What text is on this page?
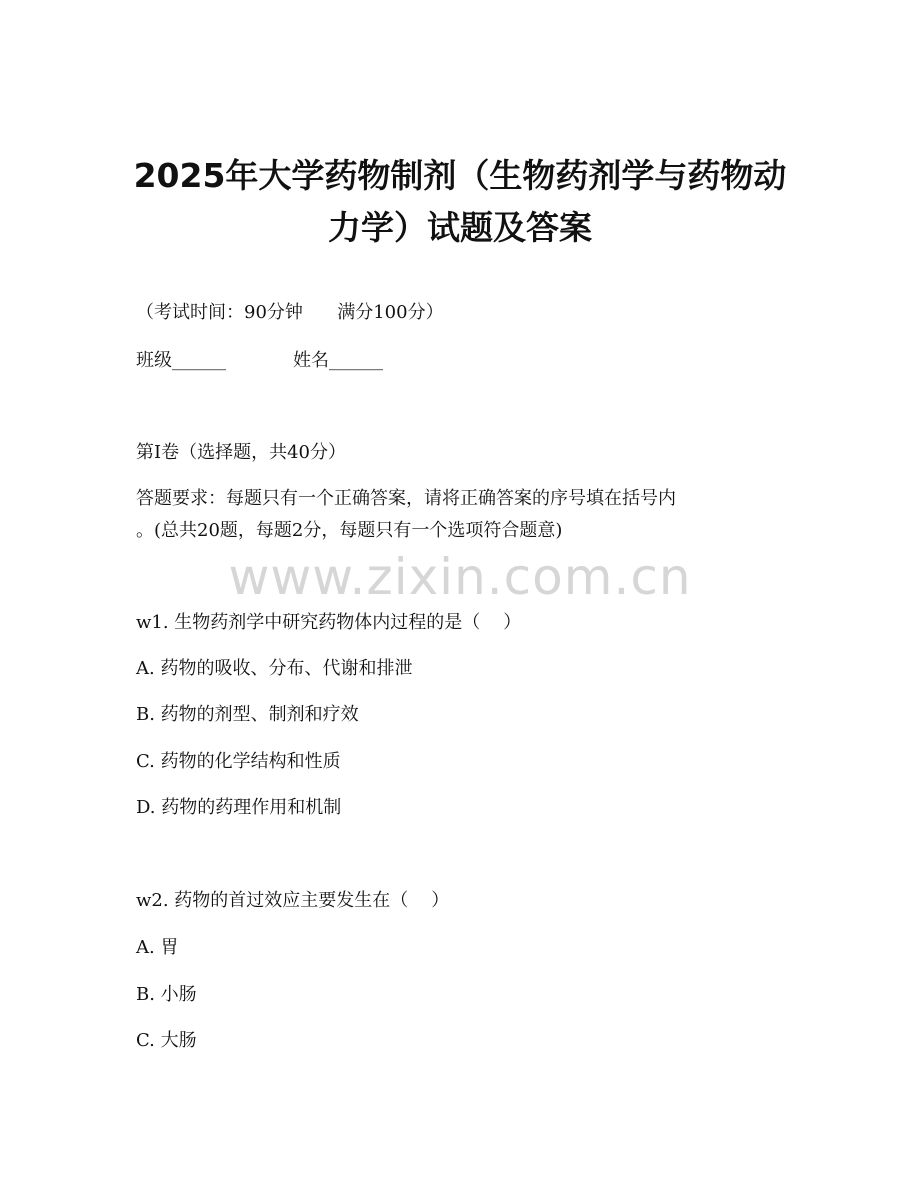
2025年大学药物制剂（生物药剂学与药物动
力学）试题及答案
（考试时间：90分钟      满分100分）
班级______	姓名______
第I卷（选择题，共40分）
答题要求：每题只有一个正确答案，请将正确答案的序号填在括号内
。(总共20题，每题2分，每题只有一个选项符合题意)
www.zixin.com.cn
w1. 生物药剂学中研究药物体内过程的是（    ）
A. 药物的吸收、分布、代谢和排泄
B. 药物的剂型、制剂和疗效
C. 药物的化学结构和性质
D. 药物的药理作用和机制
w2. 药物的首过效应主要发生在（    ）
A. 胃
B. 小肠
C. 大肠
